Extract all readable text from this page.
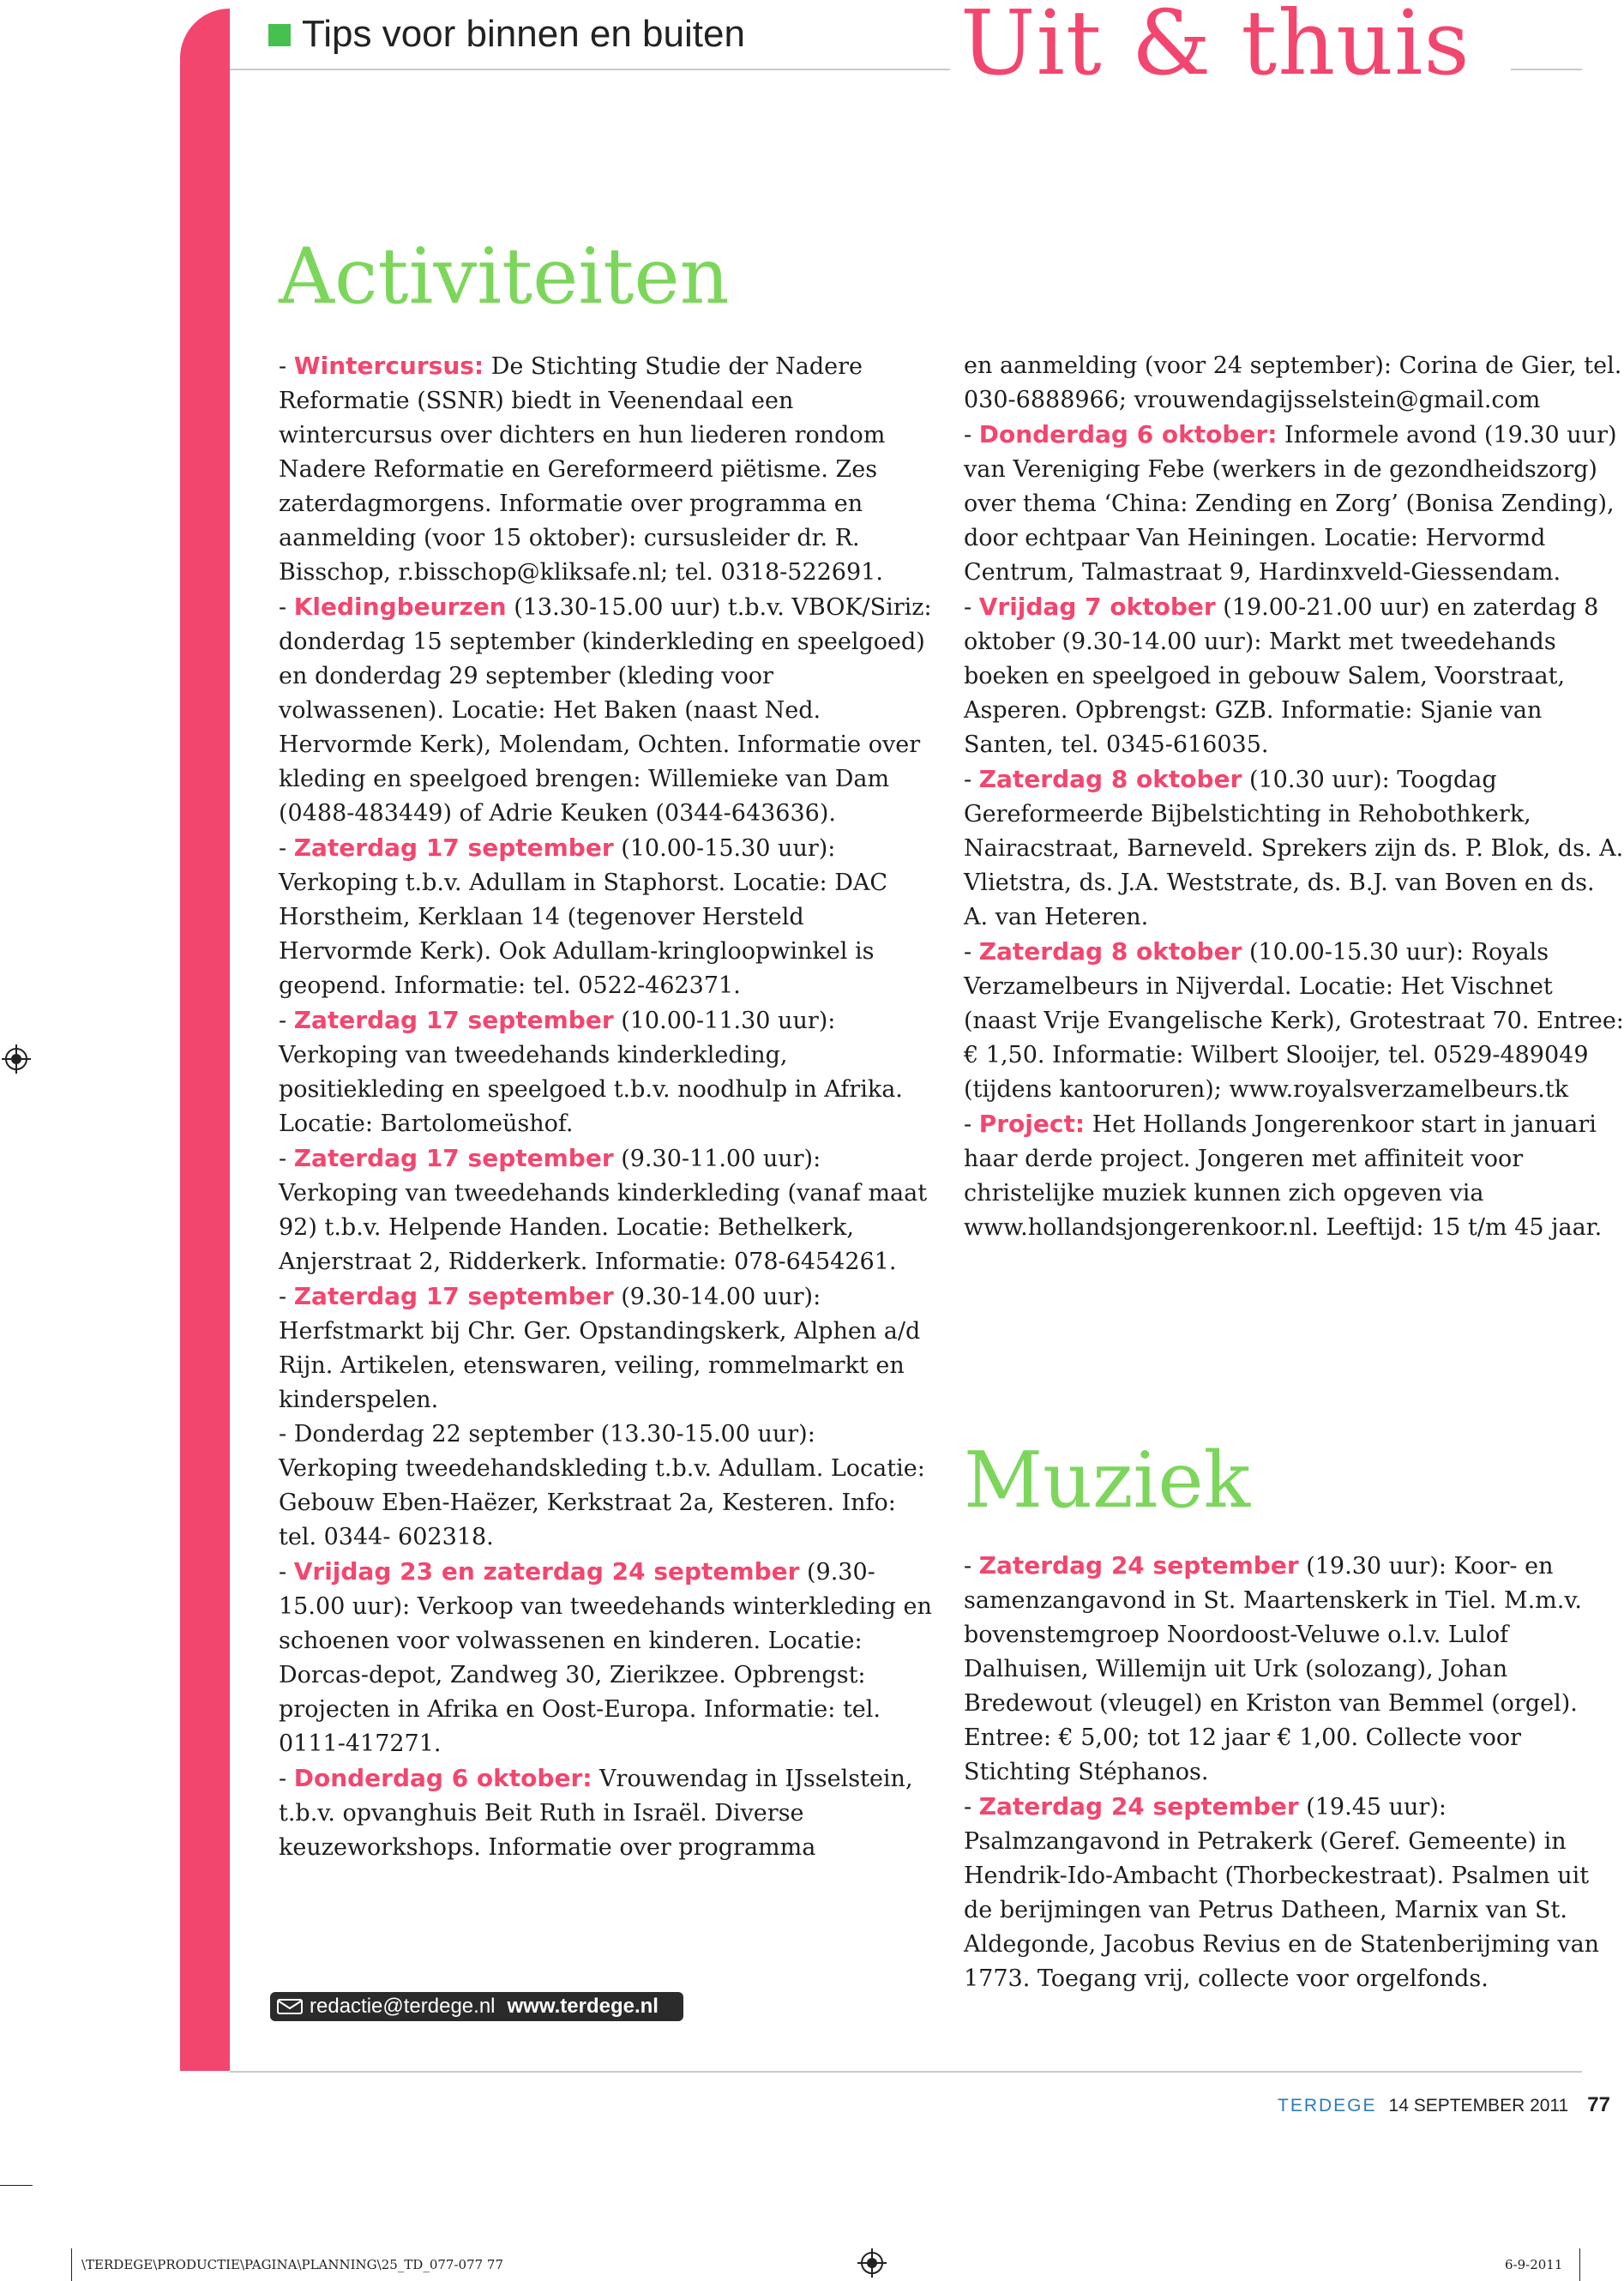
Tips voor binnen en buiten Uit & thuis
Activiteiten

- Wintercursus: De Stichting Studie der Nadere Reformatie (SSNR) biedt in Veenendaal een wintercursus over dichters en hun liederen rondom Nadere Reformatie en Gereformeerd piëtisme. Zes zaterdagmorgens. Informatie over programma en aanmelding (voor 15 oktober): cursusleider dr. R. Bisschop, r.bisschop@kliksafe.nl; tel. 0318-522691.

- Kledingbeurzen (13.30-15.00 uur) t.b.v. VBOK/Siriz: donderdag 15 september (kinderkleding en speelgoed) en donderdag 29 september (kleding voor volwassenen). Locatie: Het Baken (naast Ned. Hervormde Kerk), Molendam, Ochten. Informatie over kleding en speelgoed brengen: Willemieke van Dam (0488-483449) of Adrie Keuken (0344-643636).

- Zaterdag 17 september (10.00-15.30 uur): Verkoping t.b.v. Adullam in Staphorst. Locatie: DAC Horstheim, Kerklaan 14 (tegenover Hersteld Hervormde Kerk). Ook Adullam-kringloopwinkel is geopend. Informatie: tel. 0522-462371.

- Zaterdag 17 september (10.00-11.30 uur): Verkoping van tweedehands kinderkleding, positiekleding en speelgoed t.b.v. noodhulp in Afrika. Locatie: Bartolomeüshof.

- Zaterdag 17 september (9.30-11.00 uur): Verkoping van tweedehands kinderkleding (vanaf maat 92) t.b.v. Helpende Handen. Locatie: Bethelkerk, Anjerstraat 2, Ridderkerk. Informatie: 078-6454261.

- Zaterdag 17 september (9.30-14.00 uur): Herfstmarkt bij Chr. Ger. Opstandingskerk, Alphen a/d Rijn. Artikelen, etenswaren, veiling, rommelmarkt en kinderspelen.

- Donderdag 22 september (13.30-15.00 uur): Verkoping tweedehandskleding t.b.v. Adullam. Locatie: Gebouw Eben-Haëzer, Kerkstraat 2a, Kesteren. Info: tel. 0344- 602318.

- Vrijdag 23 en zaterdag 24 september (9.30-15.00 uur): Verkoop van tweedehands winterkleding en schoenen voor volwassenen en kinderen. Locatie: Dorcas-depot, Zandweg 30, Zierikzee. Opbrengst: projecten in Afrika en Oost-Europa. Informatie: tel. 0111-417271.

- Donderdag 6 oktober: Vrouwendag in IJsselstein, t.b.v. opvanghuis Beit Ruth in Israël. Diverse keuzeworkshops. Informatie over programma

en aanmelding (voor 24 september): Corina de Gier, tel. 030-6888966; vrouwendagijsselstein@gmail.com

- Donderdag 6 oktober: Informele avond (19.30 uur) van Vereniging Febe (werkers in de gezondheidszorg) over thema ‘China: Zending en Zorg’ (Bonisa Zending), door echtpaar Van Heiningen. Locatie: Hervormd Centrum, Talmastraat 9, Hardinxveld-Giessendam.

- Vrijdag 7 oktober (19.00-21.00 uur) en zaterdag 8 oktober (9.30-14.00 uur): Markt met tweedehands boeken en speelgoed in gebouw Salem, Voorstraat, Asperen. Opbrengst: GZB. Informatie: Sjanie van Santen, tel. 0345-616035.

- Zaterdag 8 oktober (10.30 uur): Toogdag Gereformeerde Bijbelstichting in Rehobothkerk, Nairacstraat, Barneveld. Sprekers zijn ds. P. Blok, ds. A. Vlietstra, ds. J.A. Weststrate, ds. B.J. van Boven en ds. A. van Heteren.

- Zaterdag 8 oktober (10.00-15.30 uur): Royals Verzamelbeurs in Nijverdal. Locatie: Het Vischnet (naast Vrije Evangelische Kerk), Grotestraat 70. Entree: € 1,50. Informatie: Wilbert Slooijer, tel. 0529-489049 (tijdens kantooruren); www.royalsverzamelbeurs.tk

- Project: Het Hollands Jongerenkoor start in januari haar derde project. Jongeren met affiniteit voor christelijke muziek kunnen zich opgeven via www.hollandsjongerenkoor.nl. Leeftijd: 15 t/m 45 jaar.

Muziek

- Zaterdag 24 september (19.30 uur): Koor- en samenzangavond in St. Maartenskerk in Tiel. M.m.v. bovenstemgroep Noordoost-Veluwe o.l.v. Lulof Dalhuisen, Willemijn uit Urk (solozang), Johan Bredewout (vleugel) en Kriston van Bemmel (orgel). Entree: € 5,00; tot 12 jaar € 1,00. Collecte voor Stichting Stéphanos.

- Zaterdag 24 september (19.45 uur): Psalmzangavond in Petrakerk (Geref. Gemeente) in Hendrik-Ido-Ambacht (Thorbeckestraat). Psalmen uit de berijmingen van Petrus Datheen, Marnix van St. Aldegonde, Jacobus Revius en de Statenberijming van 1773. Toegang vrij, collecte voor orgelfonds.

redactie@terdege.nl www.terdege.nl
TERDEGE 14 SEPTEMBER 2011 77
\TERDEGE\PRODUCTIE\PAGINA\PLANNING\25_TD_077-077 77	6-9-2011
